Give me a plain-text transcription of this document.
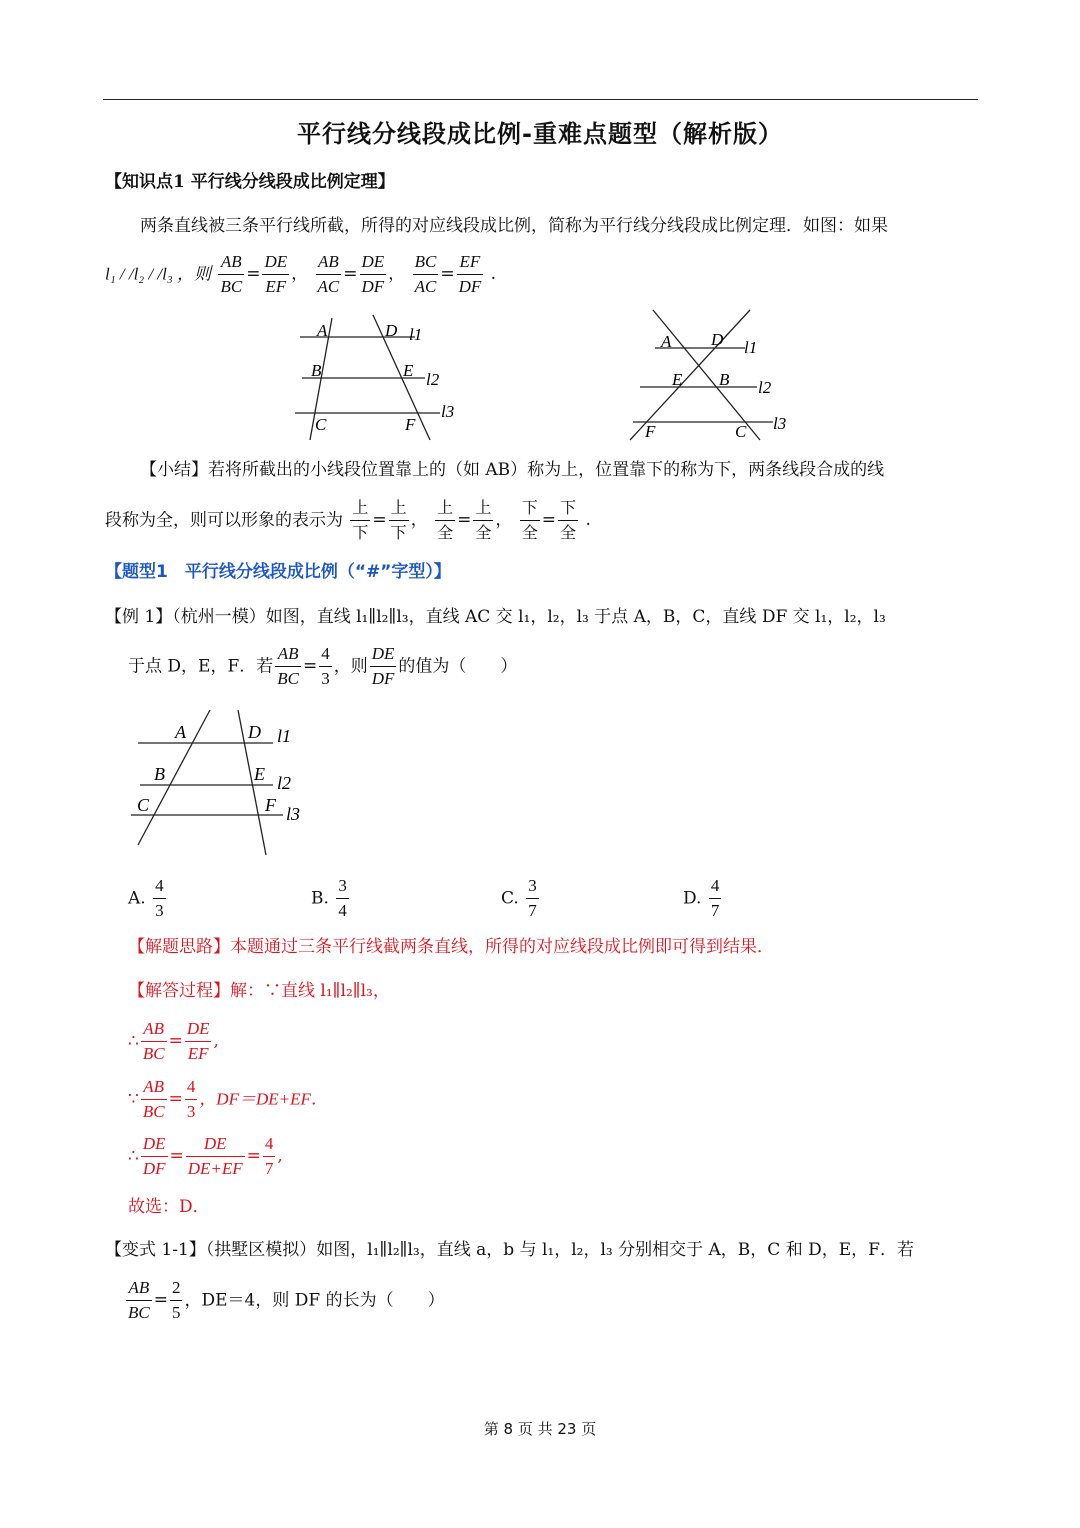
平行线分线段成比例-重难点题型（解析版）
【知识点1 平行线分线段成比例定理】
两条直线被三条平行线所截，所得的对应线段成比例，简称为平行线分线段成比例定理．如图：如果
l₁ / /l₂ / /l₃ ，则 $\frac{AB}{BC} = \frac{DE}{EF}$ ， $\frac{AB}{AC} = \frac{DE}{DF}$ ， $\frac{BC}{AC} = \frac{EF}{DF}$ .
A	D l1
B	E l2
C	F
l3
A D l1
E B l2
F	C l3
【小结】若将所截出的小线段位置靠上的（如 AB）称为上，位置靠下的称为下，两条线段合成的线
段称为全，则可以形象的表示为 $\frac{\text{上}}{\text{下}} = \frac{\text{上}}{\text{下}}$ ， $\frac{\text{上}}{\text{全}} = \frac{\text{上}}{\text{全}}$ ， $\frac{\text{下}}{\text{全}} = \frac{\text{下}}{\text{全}}$ .
【题型1　平行线分线段成比例（“#”字型）】
【例 1】（杭州一模）如图，直线 l₁∥l₂∥l₃，直线 AC 交 l₁，l₂，l₃ 于点 A，B，C，直线 DF 交 l₁，l₂，l₃
于点 D，E，F．若 $\frac{AB}{BC} = \frac{4}{3}$ ，则 $\frac{DE}{DF}$ 的值为（　　）
A	D l1
B	E l2
C	F l3
A. $\frac{4}{3}$	B. $\frac{3}{4}$	C. $\frac{3}{7}$	D. $\frac{4}{7}$
【解题思路】本题通过三条平行线截两条直线，所得的对应线段成比例即可得到结果．
【解答过程】解：∵直线 l₁∥l₂∥l₃，
∴ $\frac{AB}{BC} = \frac{DE}{EF}$ ,
∵ $\frac{AB}{BC} = \frac{4}{3}$ ，DF＝DE+EF．
∴ $\frac{DE}{DF} = \frac{DE}{DE+EF} = \frac{4}{7}$ ,
故选：D．
【变式 1-1】（拱墅区模拟）如图，l₁∥l₂∥l₃，直线 a，b 与 l₁，l₂，l₃ 分别相交于 A，B，C 和 D，E，F．若
$\frac{AB}{BC} = \frac{2}{5}$ ，DE＝4，则 DF 的长为（　　）
第 8 页 共 23 页
